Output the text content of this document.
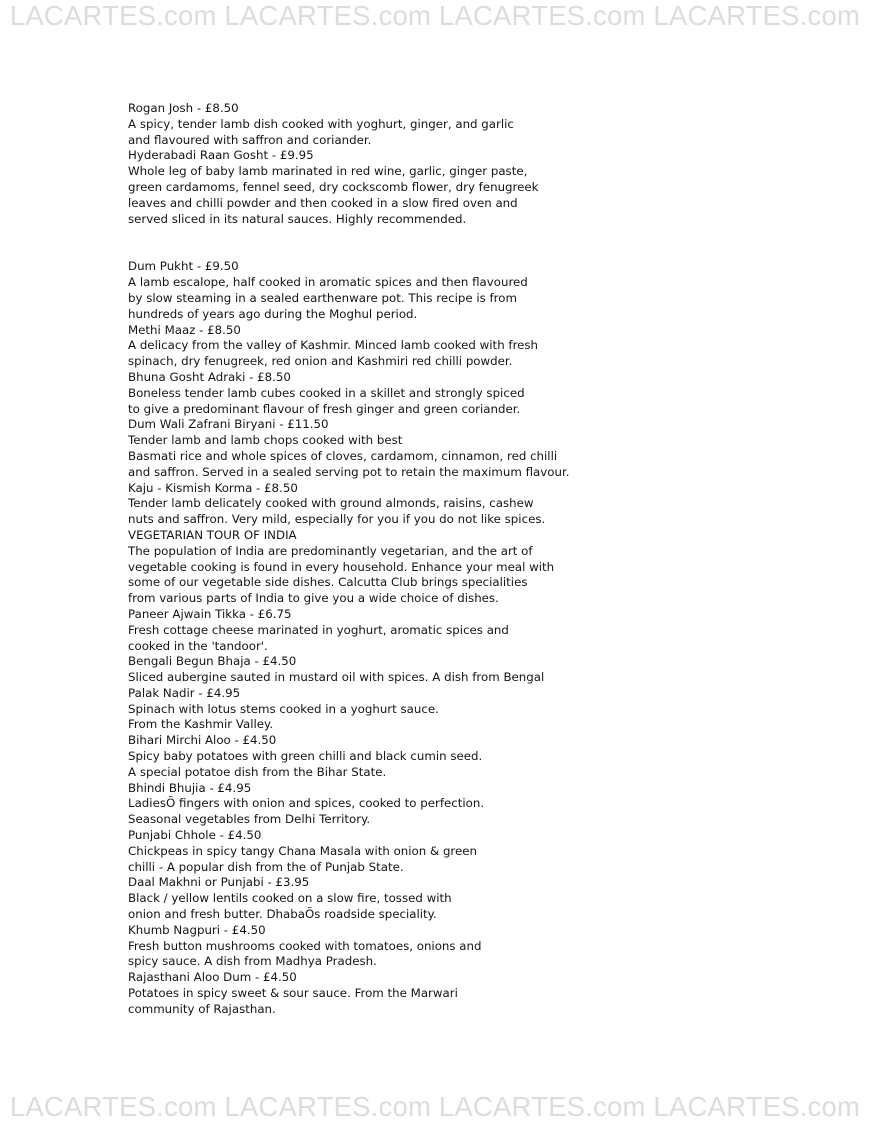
LACARTES.com LACARTES.com LACARTES.com LACARTES.com
Rogan Josh - £8.50
A spicy, tender lamb dish cooked with yoghurt, ginger, and garlic
and flavoured with saffron and coriander.
Hyderabadi Raan Gosht - £9.95
Whole leg of baby lamb marinated in red wine, garlic, ginger paste,
green cardamoms, fennel seed, dry cockscomb flower, dry fenugreek
leaves and chilli powder and then cooked in a slow fired oven and
served sliced in its natural sauces. Highly recommended.
Dum Pukht - £9.50
A lamb escalope, half cooked in aromatic spices and then flavoured
by slow steaming in a sealed earthenware pot. This recipe is from
hundreds of years ago during the Moghul period.
Methi Maaz - £8.50
A delicacy from the valley of Kashmir. Minced lamb cooked with fresh
spinach, dry fenugreek, red onion and Kashmiri red chilli powder.
Bhuna Gosht Adraki - £8.50
Boneless tender lamb cubes cooked in a skillet and strongly spiced
to give a predominant flavour of fresh ginger and green coriander.
Dum Wali Zafrani Biryani - £11.50
Tender lamb and lamb chops cooked with best
Basmati rice and whole spices of cloves, cardamom, cinnamon, red chilli
and saffron. Served in a sealed serving pot to retain the maximum flavour.
Kaju - Kismish Korma - £8.50
Tender lamb delicately cooked with ground almonds, raisins, cashew
nuts and saffron. Very mild, especially for you if you do not like spices.
VEGETARIAN TOUR OF INDIA
The population of India are predominantly vegetarian, and the art of
vegetable cooking is found in every household. Enhance your meal with
some of our vegetable side dishes. Calcutta Club brings specialities
from various parts of India to give you a wide choice of dishes.
Paneer Ajwain Tikka - £6.75
Fresh cottage cheese marinated in yoghurt, aromatic spices and
cooked in the 'tandoor'.
Bengali Begun Bhaja - £4.50
Sliced aubergine sauted in mustard oil with spices. A dish from Bengal
Palak Nadir - £4.95
Spinach with lotus stems cooked in a yoghurt sauce.
From the Kashmir Valley.
Bihari Mirchi Aloo - £4.50
Spicy baby potatoes with green chilli and black cumin seed.
A special potatoe dish from the Bihar State.
Bhindi Bhujia - £4.95
LadiesÕ fingers with onion and spices, cooked to perfection.
Seasonal vegetables from Delhi Territory.
Punjabi Chhole - £4.50
Chickpeas in spicy tangy Chana Masala with onion & green
chilli - A popular dish from the of Punjab State.
Daal Makhni or Punjabi - £3.95
Black / yellow lentils cooked on a slow fire, tossed with
onion and fresh butter. DhabaÕs roadside speciality.
Khumb Nagpuri - £4.50
Fresh button mushrooms cooked with tomatoes, onions and
spicy sauce. A dish from Madhya Pradesh.
Rajasthani Aloo Dum - £4.50
Potatoes in spicy sweet & sour sauce. From the Marwari
community of Rajasthan.
LACARTES.com LACARTES.com LACARTES.com LACARTES.com
